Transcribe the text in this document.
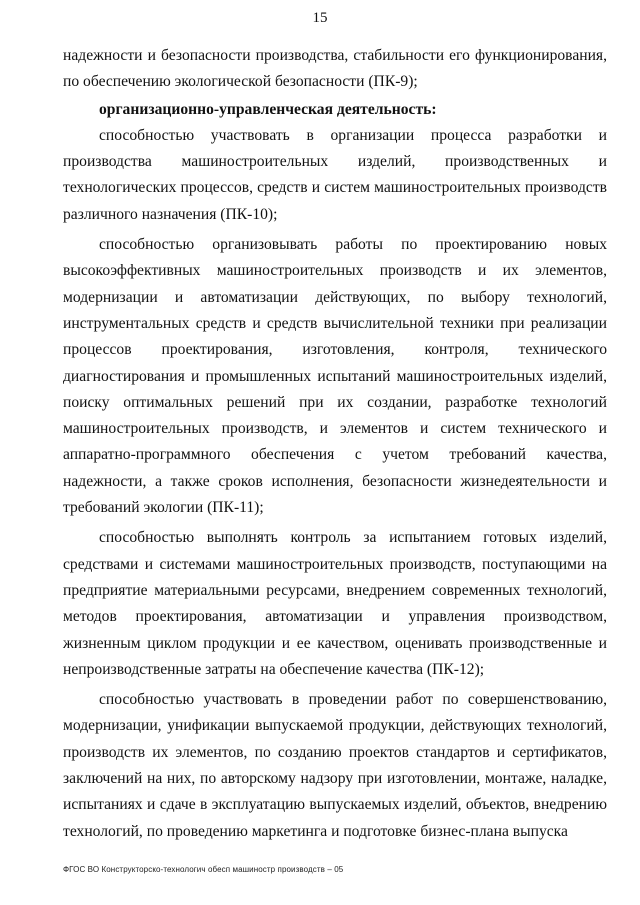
15

надежности и безопасности производства, стабильности его функционирования, по обеспечению экологической безопасности (ПК-9);

организационно-управленческая деятельность:

способностью участвовать в организации процесса разработки и производства машиностроительных изделий, производственных и технологических процессов, средств и систем машиностроительных производств различного назначения (ПК-10);

способностью организовывать работы по проектированию новых высокоэффективных машиностроительных производств и их элементов, модернизации и автоматизации действующих, по выбору технологий, инструментальных средств и средств вычислительной техники при реализации процессов проектирования, изготовления, контроля, технического диагностирования и промышленных испытаний машиностроительных изделий, поиску оптимальных решений при их создании, разработке технологий машиностроительных производств, и элементов и систем технического и аппаратно-программного обеспечения с учетом требований качества, надежности, а также сроков исполнения, безопасности жизнедеятельности и требований экологии (ПК-11);

способностью выполнять контроль за испытанием готовых изделий, средствами и системами машиностроительных производств, поступающими на предприятие материальными ресурсами, внедрением современных технологий, методов проектирования, автоматизации и управления производством, жизненным циклом продукции и ее качеством, оценивать производственные и непроизводственные затраты на обеспечение качества (ПК-12);

способностью участвовать в проведении работ по совершенствованию, модернизации, унификации выпускаемой продукции, действующих технологий, производств их элементов, по созданию проектов стандартов и сертификатов, заключений на них, по авторскому надзору при изготовлении, монтаже, наладке, испытаниях и сдаче в эксплуатацию выпускаемых изделий, объектов, внедрению технологий, по проведению маркетинга и подготовке бизнес-плана выпуска

ФГОС ВО Конструкторско-технологич обесп машиностр производств – 05
